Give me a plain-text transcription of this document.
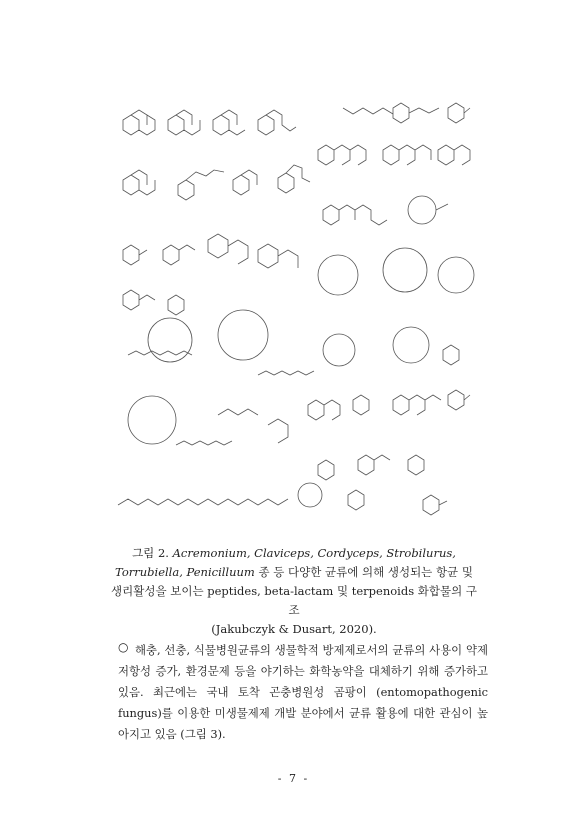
그림 2. Acremonium, Claviceps, Cordyceps, Strobilurus, Torrubiella, Penicilluum 종 등 다양한 균류에 의해 생성되는 항균 및 생리활성을 보이는 peptides, beta-lactam 및 terpenoids 화합물의 구조
(Jakubczyk & Dusart, 2020).
○ 해충, 선충, 식물병원균류의 생물학적 방제제로서의 균류의 사용이 약제 저항성 증가, 환경문제 등을 야기하는 화학농약을 대체하기 위해 증가하고 있음. 최근에는 국내 토착 곤충병원성 곰팡이 (entomopathogenic fungus)를 이용한 미생물제제 개발 분야에서 균류 활용에 대한 관심이 높아지고 있음 (그림 3).
- 7 -
